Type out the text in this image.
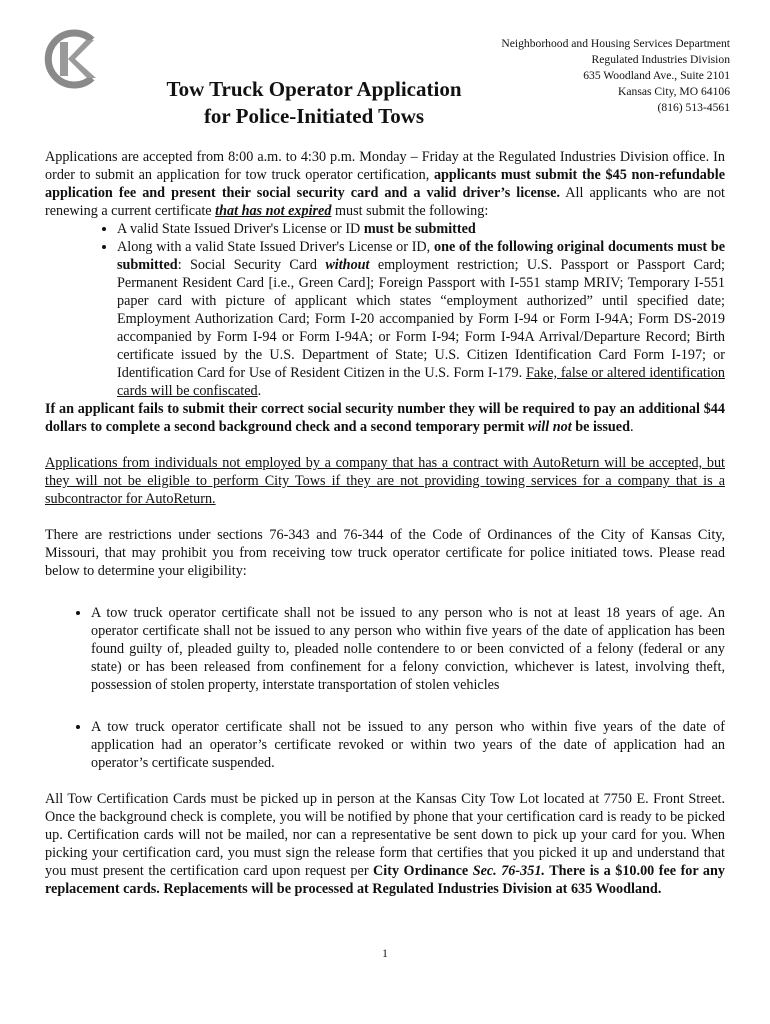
Neighborhood and Housing Services Department
Regulated Industries Division
635 Woodland Ave., Suite 2101
Kansas City, MO 64106
(816) 513-4561
Tow Truck Operator Application
for Police-Initiated Tows

Applications are accepted from 8:00 a.m. to 4:30 p.m. Monday – Friday at the Regulated Industries Division office. In order to submit an application for tow truck operator certification, applicants must submit the $45 non-refundable application fee and present their social security card and a valid driver’s license. All applicants who are not renewing a current certificate that has not expired must submit the following:

• A valid State Issued Driver's License or ID must be submitted
• Along with a valid State Issued Driver's License or ID, one of the following original documents must be submitted: Social Security Card without employment restriction; U.S. Passport or Passport Card; Permanent Resident Card [i.e., Green Card]; Foreign Passport with I-551 stamp MRIV; Temporary I-551 paper card with picture of applicant which states “employment authorized” until specified date; Employment Authorization Card; Form I-20 accompanied by Form I-94 or Form I-94A; Form DS-2019 accompanied by Form I-94 or Form I-94A; or Form I-94; Form I-94A Arrival/Departure Record; Birth certificate issued by the U.S. Department of State; U.S. Citizen Identification Card Form I-197; or Identification Card for Use of Resident Citizen in the U.S. Form I-179. Fake, false or altered identification cards will be confiscated.

If an applicant fails to submit their correct social security number they will be required to pay an additional $44 dollars to complete a second background check and a second temporary permit will not be issued.

Applications from individuals not employed by a company that has a contract with AutoReturn will be accepted, but they will not be eligible to perform City Tows if they are not providing towing services for a company that is a subcontractor for AutoReturn.

There are restrictions under sections 76-343 and 76-344 of the Code of Ordinances of the City of Kansas City, Missouri, that may prohibit you from receiving tow truck operator certificate for police initiated tows. Please read below to determine your eligibility:

• A tow truck operator certificate shall not be issued to any person who is not at least 18 years of age. An operator certificate shall not be issued to any person who within five years of the date of application has been found guilty of, pleaded guilty to, pleaded nolle contendere to or been convicted of a felony (federal or any state) or has been released from confinement for a felony conviction, whichever is latest, involving theft, possession of stolen property, interstate transportation of stolen vehicles
• A tow truck operator certificate shall not be issued to any person who within five years of the date of application had an operator’s certificate revoked or within two years of the date of application had an operator’s certificate suspended.

All Tow Certification Cards must be picked up in person at the Kansas City Tow Lot located at 7750 E. Front Street. Once the background check is complete, you will be notified by phone that your certification card is ready to be picked up. Certification cards will not be mailed, nor can a representative be sent down to pick up your card for you. When picking your certification card, you must sign the release form that certifies that you picked it up and understand that you must present the certification card upon request per City Ordinance Sec. 76-351. There is a $10.00 fee for any replacement cards. Replacements will be processed at Regulated Industries Division at 635 Woodland.

1
